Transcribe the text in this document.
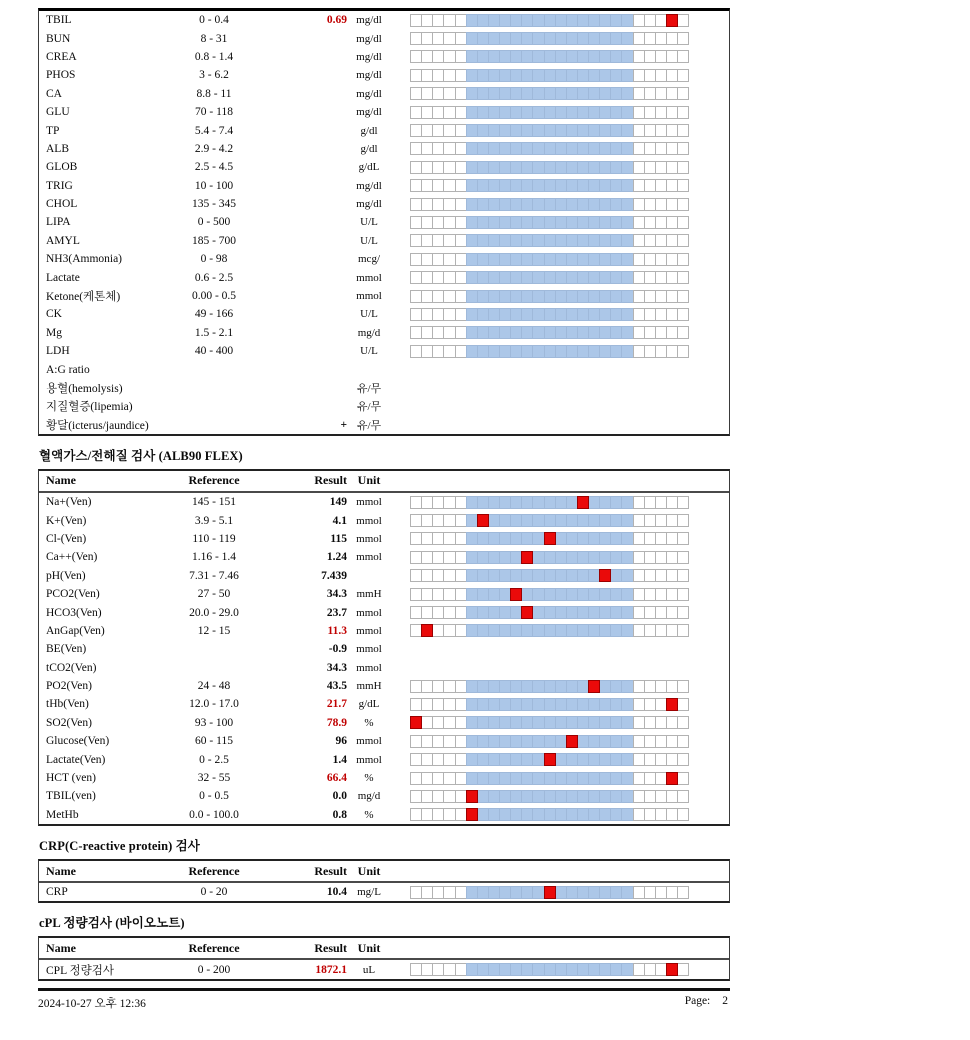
TBIL	0 - 0.4	0.69 mg/dl
BUN	8 - 31	mg/dl
CREA	0.8 - 1.4	mg/dl
PHOS	3 - 6.2	mg/dl
CA	8.8 - 11	mg/dl
GLU	70 - 118	mg/dl
TP	5.4 - 7.4	g/dl
ALB	2.9 - 4.2	g/dl
GLOB	2.5 - 4.5	g/dL
TRIG	10 - 100	mg/dl
CHOL	135 - 345	mg/dl
LIPA	0 - 500	U/L
AMYL	185 - 700	U/L
NH3(Ammonia)	0 - 98	mcg/
Lactate	0.6 - 2.5	mmol
Ketone(케톤체)	0.00 - 0.5	mmol
CK	49 - 166	U/L
Mg	1.5 - 2.1	mg/d
LDH	40 - 400	U/L
A:G ratio
용혈(hemolysis)	유/무
지질혈증(lipemia)	유/무
황달(icterus/jaundice)	+ 유/무
혈액가스/전해질 검사 (ALB90 FLEX)
Name	Reference	Result Unit
Na+(Ven)	145 - 151	149 mmol
K+(Ven)	3.9 - 5.1	4.1 mmol
Cl-(Ven)	110 - 119	115 mmol
Ca++(Ven)	1.16 - 1.4	1.24 mmol
pH(Ven)	7.31 - 7.46	7.439
PCO2(Ven)	27 - 50	34.3 mmH
HCO3(Ven)	20.0 - 29.0	23.7 mmol
AnGap(Ven)	12 - 15	11.3 mmol
BE(Ven)	-0.9 mmol
tCO2(Ven)	34.3 mmol
PO2(Ven)	24 - 48	43.5 mmH
tHb(Ven)	12.0 - 17.0	21.7	g/dL
SO2(Ven)	93 - 100	78.9	%
Glucose(Ven)	60 - 115	96 mmol
Lactate(Ven)	0 - 2.5	1.4 mmol
HCT (ven)	32 - 55	66.4	%
TBIL(ven)	0 - 0.5	0.0 mg/d
MetHb	0.0 - 100.0	0.8	%
CRP(C-reactive protein) 검사
Name	Reference	Result Unit
CRP	0 - 20	10.4 mg/L
cPL 정량검사 (바이오노트)
Name	Reference	Result Unit
CPL 정량검사	0 - 200	1872.1	uL
2024-10-27 오후 12:36	Page: 2
